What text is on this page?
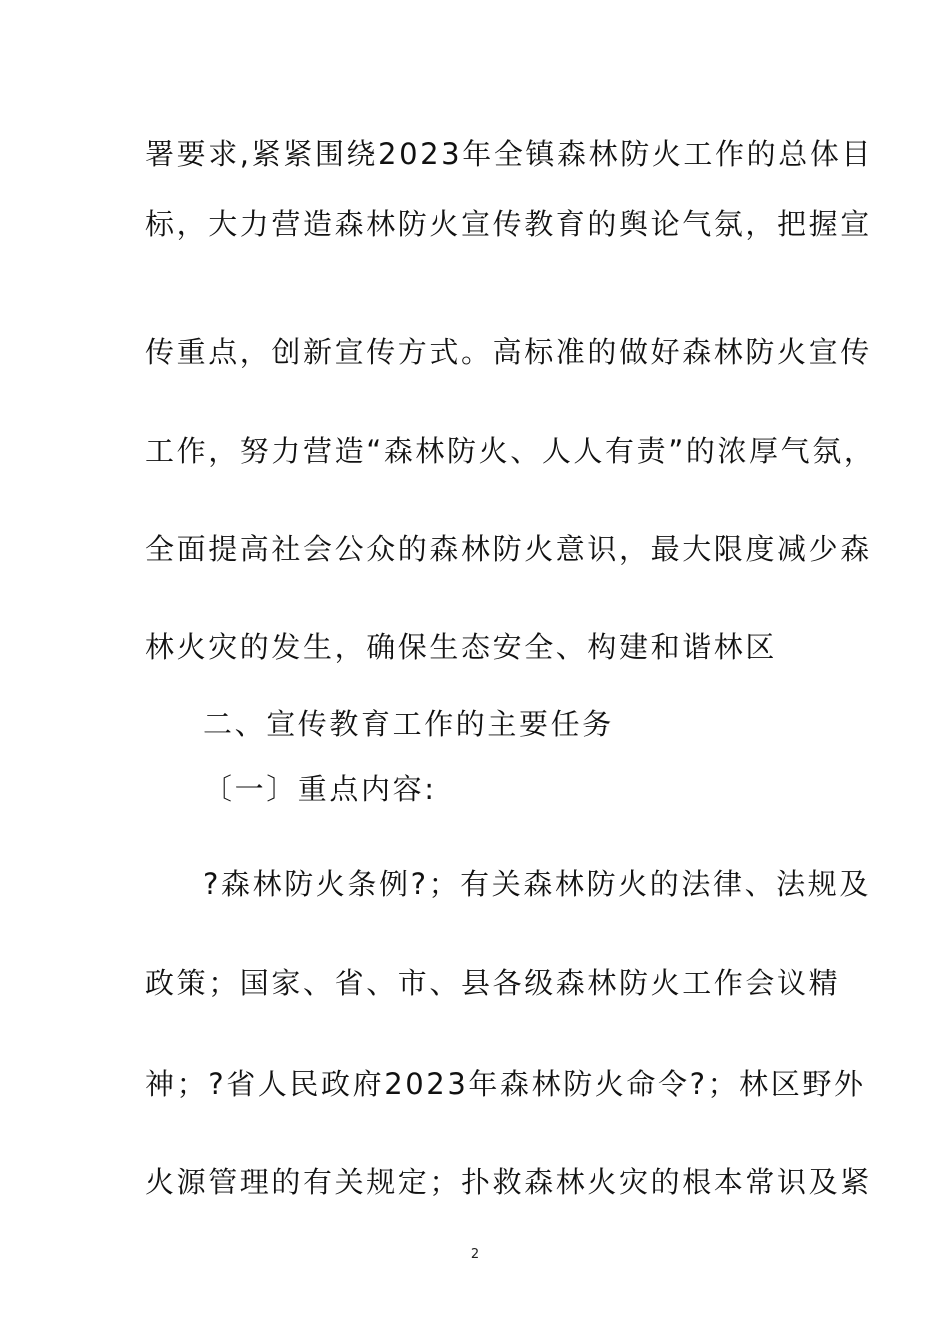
署要求,紧紧围绕2023年全镇森林防火工作的总体目
标，大力营造森林防火宣传教育的舆论气氛，把握宣
传重点，创新宣传方式。高标准的做好森林防火宣传
工作，努力营造“森林防火、人人有责”的浓厚气氛，
全面提高社会公众的森林防火意识，最大限度减少森
林火灾的发生，确保生态安全、构建和谐林区
二、宣传教育工作的主要任务
〔一〕重点内容:
?森林防火条例?；有关森林防火的法律、法规及
政策；国家、省、市、县各级森林防火工作会议精
神；?省人民政府2023年森林防火命令?；林区野外
火源管理的有关规定；扑救森林火灾的根本常识及紧
2
